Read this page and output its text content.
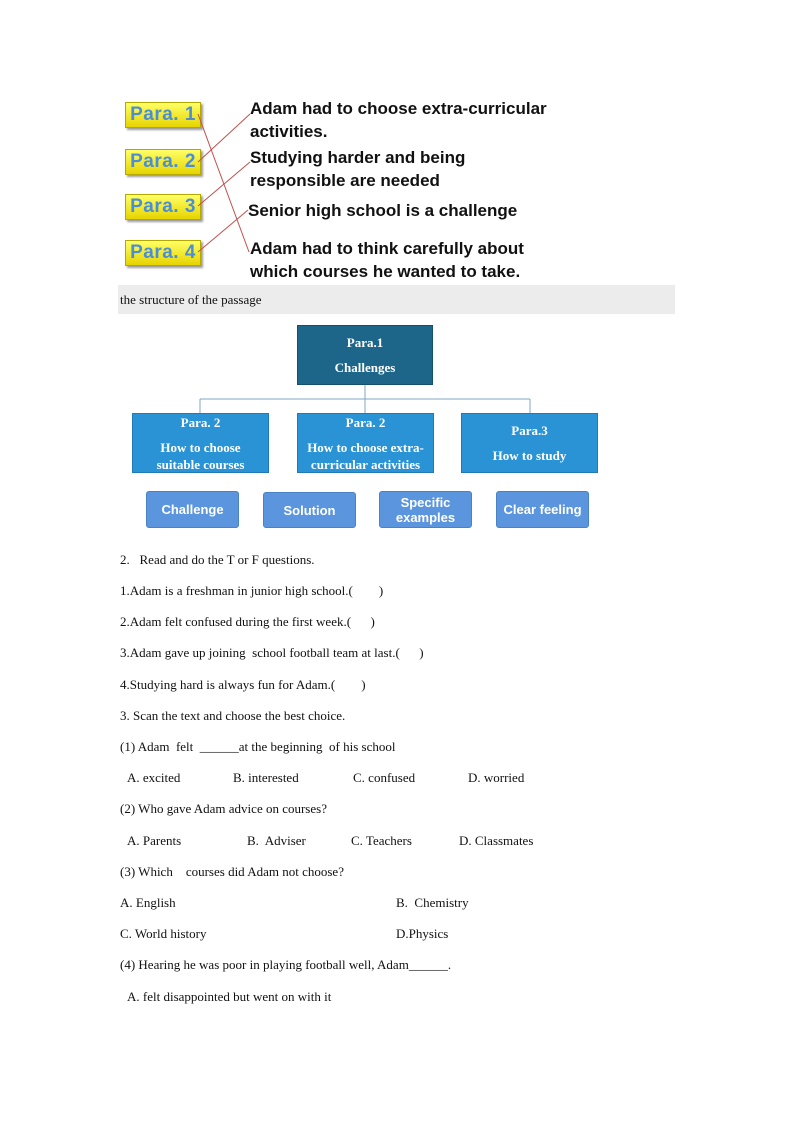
Para. 1
Para. 2
Para. 3
Para. 4
Adam had to choose extra-curricular
activities.
Studying harder and being
responsible are needed
Senior high school is a challenge
Adam had to think carefully about
which courses he wanted to take.
the structure of the passage
Para.1
Challenges
Para. 2
How to choose
suitable courses
Para. 2
How to choose extra-
curricular activities
Para.3
How to study
Challenge	Solution
Specific
examples	Clear feeling
2.   Read and do the T or F questions.
1.Adam is a freshman in junior high school.(        )
2.Adam felt confused during the first week.(      )
3.Adam gave up joining  school football team at last.(      )
4.Studying hard is always fun for Adam.(        )
3. Scan the text and choose the best choice.
(1) Adam  felt  ______at the beginning  of his school
A. excited	B. interested	C. confused	D. worried
(2) Who gave Adam advice on courses?
A. Parents	B.  Adviser	C. Teachers	D. Classmates
(3) Which    courses did Adam not choose?
A. English	B.  Chemistry
C. World history	D.Physics
(4) Hearing he was poor in playing football well, Adam______.
A. felt disappointed but went on with it
